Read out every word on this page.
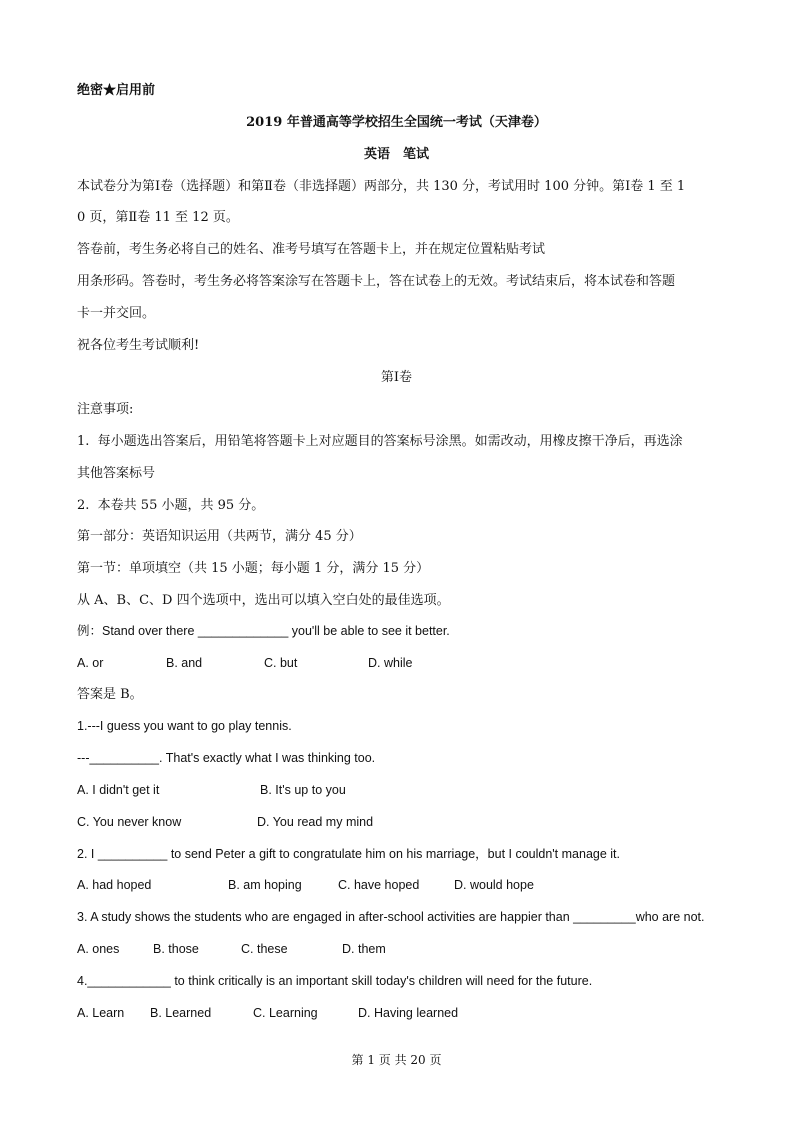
绝密★启用前
2019 年普通高等学校招生全国统一考试（天津卷）
英语　笔试
本试卷分为第Ⅰ卷（选择题）和第Ⅱ卷（非选择题）两部分，共 130 分，考试用时 100 分钟。第Ⅰ卷 1 至 1
0 页，第Ⅱ卷 11 至 12 页。
答卷前，考生务必将自己的姓名、准考号填写在答题卡上，并在规定位置粘贴考试
用条形码。答卷时，考生务必将答案涂写在答题卡上，答在试卷上的无效。考试结束后，将本试卷和答题
卡一并交回。
祝各位考生考试顺利!
第Ⅰ卷
注意事项:
1.  每小题选出答案后，用铅笔将答题卡上对应题目的答案标号涂黑。如需改动，用橡皮擦干净后，再选涂
其他答案标号
2.  本卷共 55 小题，共 95 分。
第一部分：英语知识运用（共两节，满分 45 分）
第一节：单项填空（共 15 小题；每小题 1 分，满分 15 分）
从 A、B、C、D 四个选项中，选出可以填入空白处的最佳选项。
例：Stand over there _____________ you'll be able to see it better.
A. or	B. and	C. but	D. while
答案是 B。
1.---I guess you want to go play tennis.
---__________. That's exactly what I was thinking too.
A. I didn't get it	B. It's up to you
C. You never know	D. You read my mind
2. I __________ to send Peter a gift to congratulate him on his marriage，but I couldn't manage it.
A. had hoped	B. am hoping	C. have hoped	D. would hope
3. A study shows the students who are engaged in after-school activities are happier than _________who are not.
A. ones	B. those	C. these	D. them
4.____________ to think critically is an important skill today's children will need for the future.
A. Learn B. Learned	C. Learning	D. Having learned
第 1 页 共 20 页
